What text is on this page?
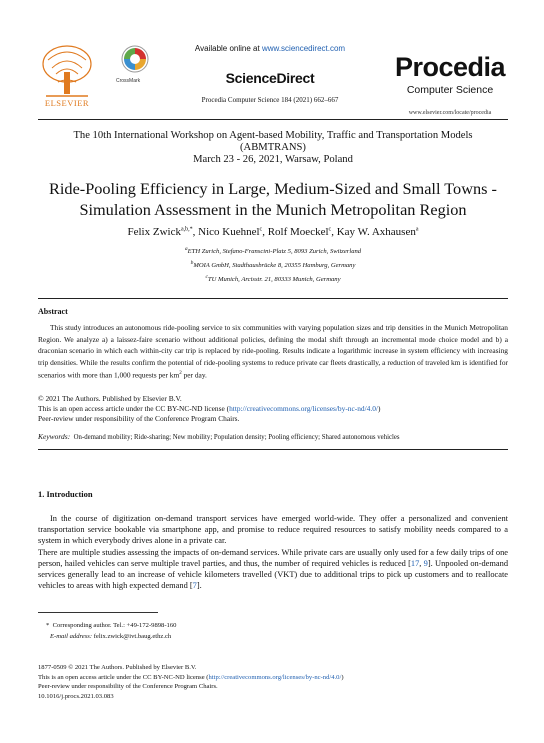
ELSEVIER
CrossMark
Available online at www.sciencedirect.com
ScienceDirect
Procedia Computer Science 184 (2021) 662–667
Procedia
Computer Science
www.elsevier.com/locate/procedia
The 10th International Workshop on Agent-based Mobility, Traffic and Transportation Models
(ABMTRANS)
March 23 - 26, 2021, Warsaw, Poland
Ride-Pooling Efficiency in Large, Medium-Sized and Small Towns -
Simulation Assessment in the Munich Metropolitan Region
Felix Zwick$^{a,b,*}$, Nico Kuehnel$^c$, Rolf Moeckel$^c$, Kay W. Axhausen$^a$
$^a$ETH Zurich, Stefano-Franscini-Platz 5, 8093 Zurich, Switzerland
$^b$MOIA GmbH, Stadthausbrücke 8, 20355 Hamburg, Germany
$^c$TU Munich, Arcisstr. 21, 80333 Munich, Germany
Abstract
This study introduces an autonomous ride-pooling service to six communities with varying population sizes and trip densities in the Munich Metropolitan Region. We analyze a) a laissez-faire scenario without additional policies, defining the modal shift through an incremental mode choice model and b) a draconian scenario in which each within-city car trip is replaced by ride-pooling. Results indicate a logarithmic increase in system efficiency with increasing trip densities. While the results confirm the potential of ride-pooling systems to reduce private car fleets drastically, a reduction of traveled km is identified for scenarios with more than 1,000 requests per $km^2$ per day.
© 2021 The Authors. Published by Elsevier B.V.
This is an open access article under the CC BY-NC-ND license (http://creativecommons.org/licenses/by-nc-nd/4.0/)
Peer-review under responsibility of the Conference Program Chairs.
Keywords: On-demand mobility; Ride-sharing; New mobility; Population density; Pooling efficiency; Shared autonomous vehicles
1. Introduction

In the course of digitization on-demand transport services have emerged world-wide. They offer a personalized and convenient transportation service bookable via smartphone app, and promise to reduce required resources to satisfy mobility needs compared to a system in which everybody drives alone in a private car.

There are multiple studies assessing the impacts of on-demand services. While private cars are usually only used for a few daily trips of one person, hailed vehicles can serve multiple travel parties, and thus, the number of required vehicles is reduced [17, 9]. Unpooled on-demand services generally lead to an increase of vehicle kilometers travelled (VKT) due to additional trips to pick up customers and to reallocate vehicles to areas with high expected demand [7].

* Corresponding author. Tel.: +49-172-9898-160
E-mail address: felix.zwick@ivt.baug.ethz.ch
1877-0509 © 2021 The Authors. Published by Elsevier B.V.
This is an open access article under the CC BY-NC-ND license (http://creativecommons.org/licenses/by-nc-nd/4.0/)
Peer-review under responsibility of the Conference Program Chairs.
10.1016/j.procs.2021.03.083
